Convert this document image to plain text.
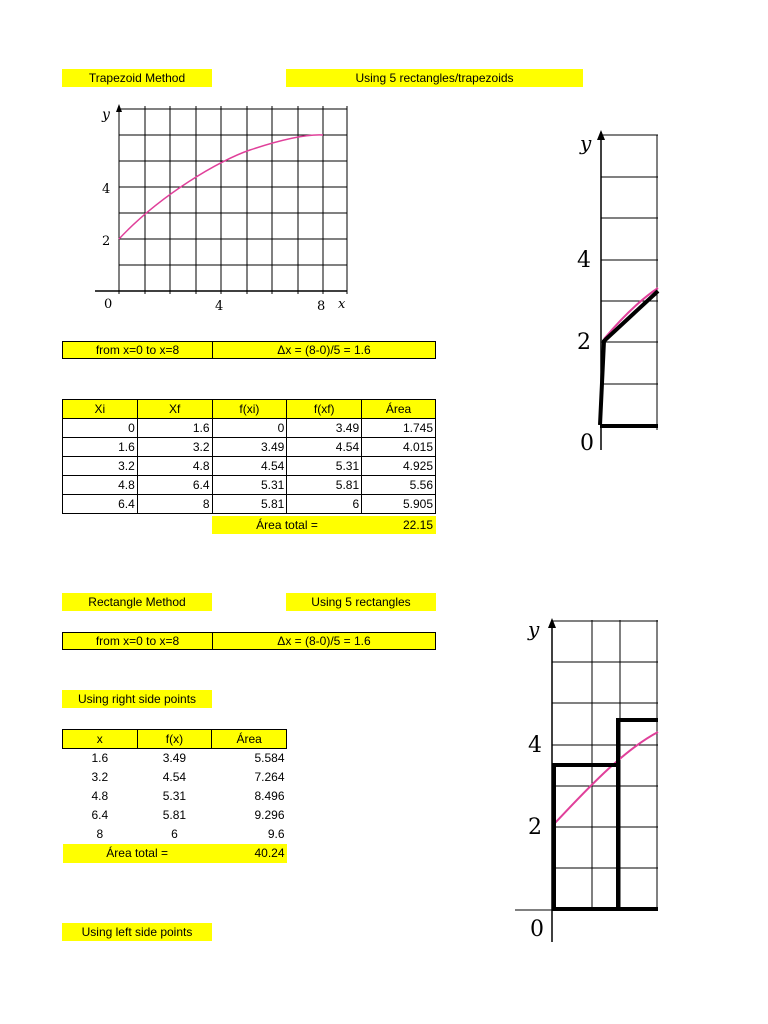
Trapezoid Method	Using 5 rectangles/trapezoids
y
4
2
0	4	8 x
from x=0 to x=8	Δx = (8-0)/5 = 1.6
Xi	Xf	f(xi)	f(xf)	Área
0	1.6	0	3.49	1.745
1.6	3.2	3.49	4.54	4.015
3.2	4.8	4.54	5.31	4.925
4.8	6.4	5.31	5.81	5.56
6.4	8	5.81	6	5.905
Área total =	22.15
y
4
2
0
Rectangle Method	Using 5 rectangles
from x=0 to x=8	Δx = (8-0)/5 = 1.6
Using right side points
x	f(x)	Área
1.6	3.49	5.584
3.2	4.54	7.264
4.8	5.31	8.496
6.4	5.81	9.296
8	6	9.6
Área total =		40.24
Using left side points
y
4
2
0
